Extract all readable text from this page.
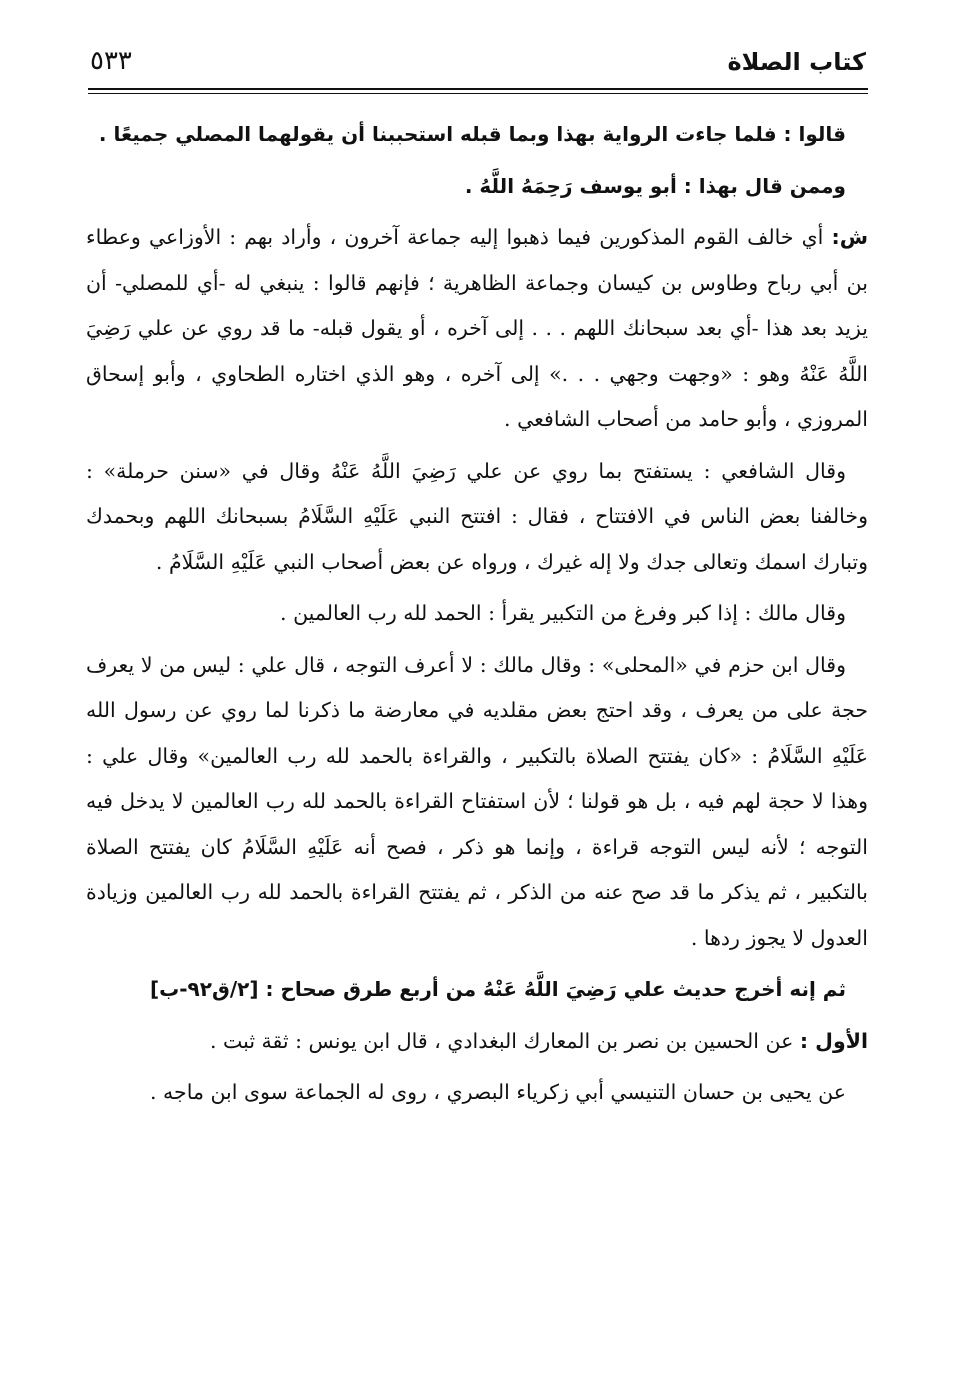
كتاب الصلاة
٥٣٣

قالوا : فلما جاءت الرواية بهذا وبما قبله استحببنا أن يقولهما المصلي جميعًا .

وممن قال بهذا : أبو يوسف رَحِمَهُ اللَّهُ .

ش: أي خالف القوم المذكورين فيما ذهبوا إليه جماعة آخرون ، وأراد بهم : الأوزاعي وعطاء بن أبي رباح وطاوس بن كيسان وجماعة الظاهرية ؛ فإنهم قالوا : ينبغي له -أي للمصلي- أن يزيد بعد هذا -أي بعد سبحانك اللهم . . . إلى آخره ، أو يقول قبله- ما قد روي عن علي رَضِيَ اللَّهُ عَنْهُ وهو : «وجهت وجهي . . .» إلى آخره ، وهو الذي اختاره الطحاوي ، وأبو إسحاق المروزي ، وأبو حامد من أصحاب الشافعي .

وقال الشافعي : يستفتح بما روي عن علي رَضِيَ اللَّهُ عَنْهُ وقال في «سنن حرملة» : وخالفنا بعض الناس في الافتتاح ، فقال : افتتح النبي عَلَيْهِ السَّلَامُ بسبحانك اللهم وبحمدك وتبارك اسمك وتعالى جدك ولا إله غيرك ، ورواه عن بعض أصحاب النبي عَلَيْهِ السَّلَامُ .

وقال مالك : إذا كبر وفرغ من التكبير يقرأ : الحمد لله رب العالمين .

وقال ابن حزم في «المحلى» : وقال مالك : لا أعرف التوجه ، قال علي : ليس من لا يعرف حجة على من يعرف ، وقد احتج بعض مقلديه في معارضة ما ذكرنا لما روي عن رسول الله عَلَيْهِ السَّلَامُ : «كان يفتتح الصلاة بالتكبير ، والقراءة بالحمد لله رب العالمين» وقال علي : وهذا لا حجة لهم فيه ، بل هو قولنا ؛ لأن استفتاح القراءة بالحمد لله رب العالمين لا يدخل فيه التوجه ؛ لأنه ليس التوجه قراءة ، وإنما هو ذكر ، فصح أنه عَلَيْهِ السَّلَامُ كان يفتتح الصلاة بالتكبير ، ثم يذكر ما قد صح عنه من الذكر ، ثم يفتتح القراءة بالحمد لله رب العالمين وزيادة العدول لا يجوز ردها .

ثم إنه أخرج حديث علي رَضِيَ اللَّهُ عَنْهُ من أربع طرق صحاح : [٢/ق٩٢-ب]

الأول : عن الحسين بن نصر بن المعارك البغدادي ، قال ابن يونس : ثقة ثبت .

عن يحيى بن حسان التنيسي أبي زكرياء البصري ، روى له الجماعة سوى ابن ماجه .
